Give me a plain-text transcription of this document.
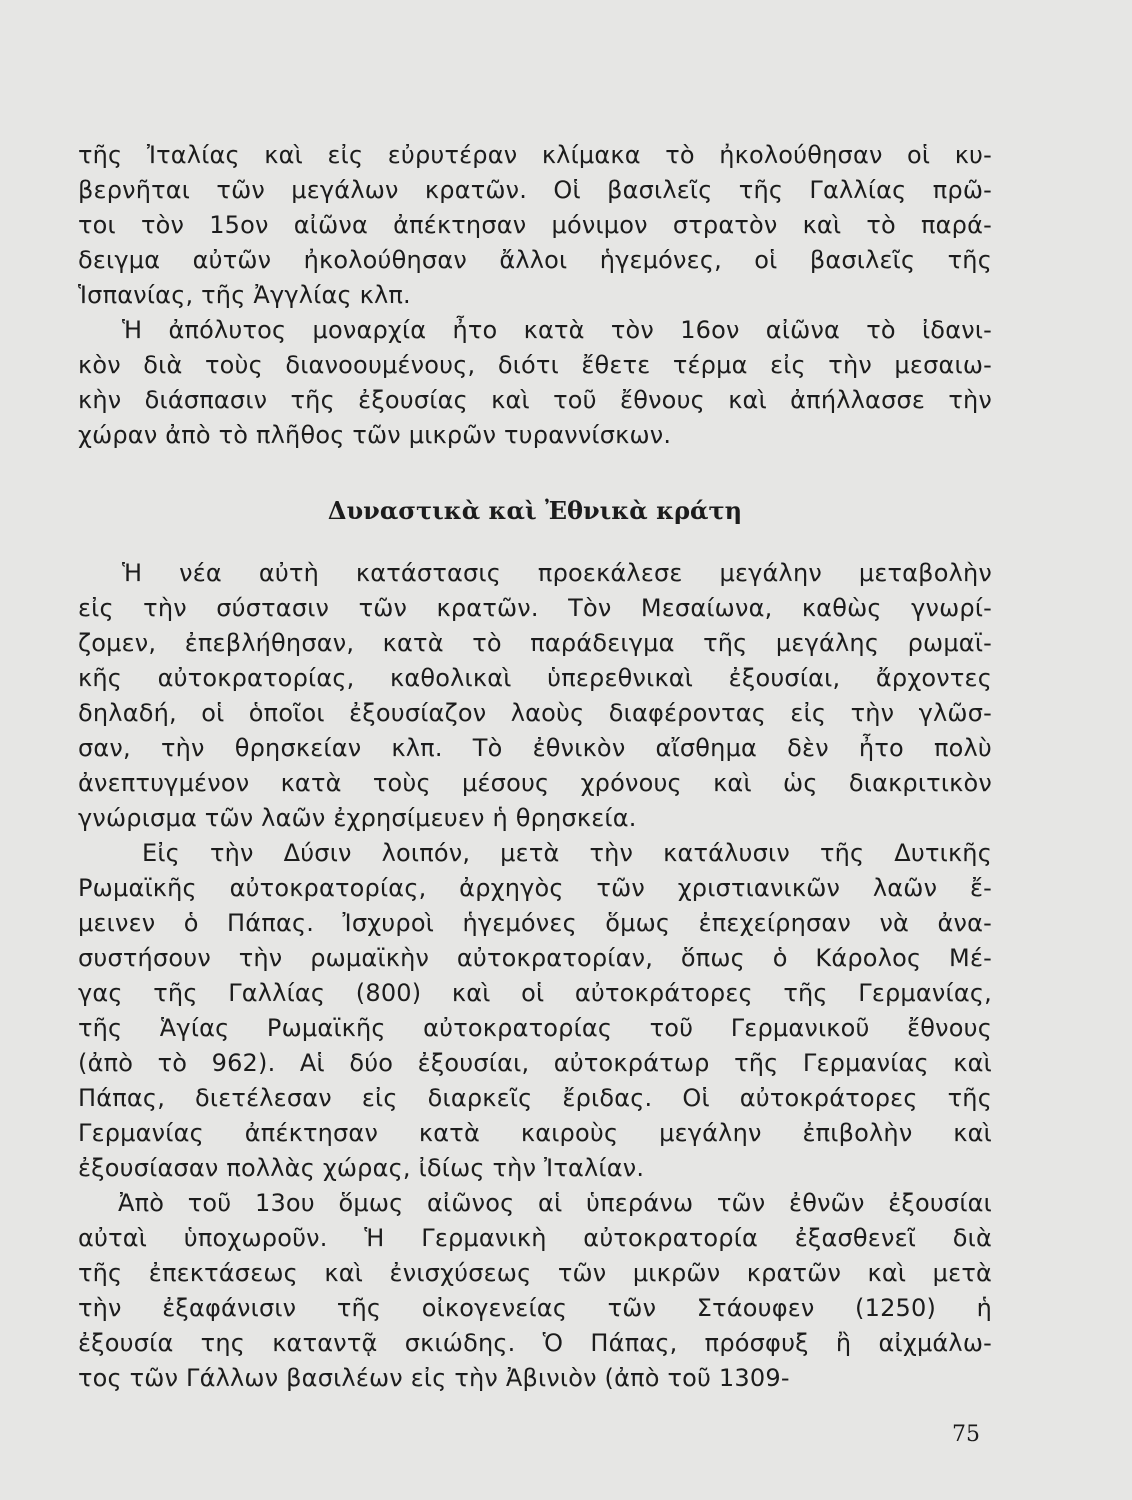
τῆς Ἰταλίας καὶ εἰς εὐρυτέραν κλίμακα τὸ ἠκολούθησαν οἱ κυ-
βερνῆται τῶν μεγάλων κρατῶν. Οἱ βασιλεῖς τῆς Γαλλίας πρῶ-
τοι τὸν 15ον αἰῶνα ἀπέκτησαν μόνιμον στρατὸν καὶ τὸ παρά-
δειγμα αὐτῶν ἠκολούθησαν ἄλλοι ἡγεμόνες, οἱ βασιλεῖς τῆς
Ἱσπανίας, τῆς Ἀγγλίας κλπ.

Ἡ ἀπόλυτος μοναρχία ἦτο κατὰ τὸν 16ον αἰῶνα τὸ ἰδανι-
κὸν διὰ τοὺς διανοουμένους, διότι ἔθετε τέρμα εἰς τὴν μεσαιω-
κὴν διάσπασιν τῆς ἐξουσίας καὶ τοῦ ἔθνους καὶ ἀπήλλασσε τὴν
χώραν ἀπὸ τὸ πλῆθος τῶν μικρῶν τυραννίσκων.

Δυναστικὰ καὶ Ἐθνικὰ κράτη

Ἡ νέα αὐτὴ κατάστασις προεκάλεσε μεγάλην μεταβολὴν
εἰς τὴν σύστασιν τῶν κρατῶν. Τὸν Μεσαίωνα, καθὼς γνωρί-
ζομεν, ἐπεβλήθησαν, κατὰ τὸ παράδειγμα τῆς μεγάλης ρωμαϊ-
κῆς αὐτοκρατορίας, καθολικαὶ ὑπερεθνικαὶ ἐξουσίαι, ἄρχοντες
δηλαδή, οἱ ὁποῖοι ἐξουσίαζον λαοὺς διαφέροντας εἰς τὴν γλῶσ-
σαν, τὴν θρησκείαν κλπ. Τὸ ἐθνικὸν αἴσθημα δὲν ἦτο πολὺ
ἀνεπτυγμένον κατὰ τοὺς μέσους χρόνους καὶ ὡς διακριτικὸν
γνώρισμα τῶν λαῶν ἐχρησίμευεν ἡ θρησκεία.

Εἰς τὴν Δύσιν λοιπόν, μετὰ τὴν κατάλυσιν τῆς Δυτικῆς
Ρωμαϊκῆς αὐτοκρατορίας, ἀρχηγὸς τῶν χριστιανικῶν λαῶν ἔ-
μεινεν ὁ Πάπας. Ἰσχυροὶ ἡγεμόνες ὅμως ἐπεχείρησαν νὰ ἀνα-
συστήσουν τὴν ρωμαϊκὴν αὐτοκρατορίαν, ὅπως ὁ Κάρολος Μέ-
γας τῆς Γαλλίας (800) καὶ οἱ αὐτοκράτορες τῆς Γερμανίας,
τῆς Ἁγίας Ρωμαϊκῆς αὐτοκρατορίας τοῦ Γερμανικοῦ ἔθνους
(ἀπὸ τὸ 962). Αἱ δύο ἐξουσίαι, αὐτοκράτωρ τῆς Γερμανίας καὶ
Πάπας, διετέλεσαν εἰς διαρκεῖς ἔριδας. Οἱ αὐτοκράτορες τῆς
Γερμανίας ἀπέκτησαν κατὰ καιροὺς μεγάλην ἐπιβολὴν καὶ
ἐξουσίασαν πολλὰς χώρας, ἰδίως τὴν Ἰταλίαν.

Ἀπὸ τοῦ 13ου ὅμως αἰῶνος αἱ ὑπεράνω τῶν ἐθνῶν ἐξουσίαι
αὐταὶ ὑποχωροῦν. Ἡ Γερμανικὴ αὐτοκρατορία ἐξασθενεῖ διὰ
τῆς ἐπεκτάσεως καὶ ἐνισχύσεως τῶν μικρῶν κρατῶν καὶ μετὰ
τὴν ἐξαφάνισιν τῆς οἰκογενείας τῶν Στάουφεν (1250) ἡ
ἐξουσία της καταντᾷ σκιώδης. Ὁ Πάπας, πρόσφυξ ἢ αἰχμάλω-
τος τῶν Γάλλων βασιλέων εἰς τὴν Ἀβινιὸν (ἀπὸ τοῦ 1309-

75
